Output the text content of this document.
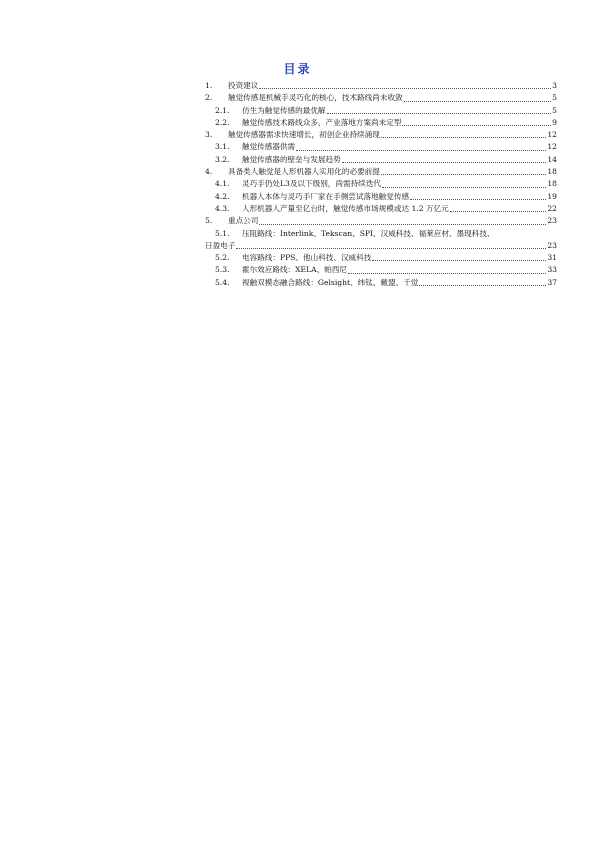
目录
1.	投资建议	3
2.	触觉传感是机械手灵巧化的核心，技术路线尚未收敛	5
2.1.	仿生为触觉传感的最优解	5
2.2.	触觉传感技术路线众多，产业落地方案尚未定型	9
3.	触觉传感器需求快速增长，初创企业持续涌现	12
3.1.	触觉传感器供需	12
3.2.	触觉传感器的壁垒与发展趋势	14
4.	具备类人触觉是人形机器人实用化的必要前提	18
4.1.	灵巧手仍处L3及以下级别，尚需持续迭代	18
4.2.	机器人本体与灵巧手厂家在手侧尝试落地触觉传感	19
4.3.	人形机器人产量至亿台时，触觉传感市场规模或达 1.2 万亿元	22
5.	重点公司	23
5.1.	压阻路线：Interlink、Tekscan、SPI、汉威科技、福莱应材、墨现科技、
日盈电子	23
5.2.	电容路线：PPS、他山科技、汉威科技	31
5.3.	霍尔效应路线：XELA、帕西尼	33
5.4.	视触双模态融合路线：Gelsight、纬钛、戴盟、千觉	37
